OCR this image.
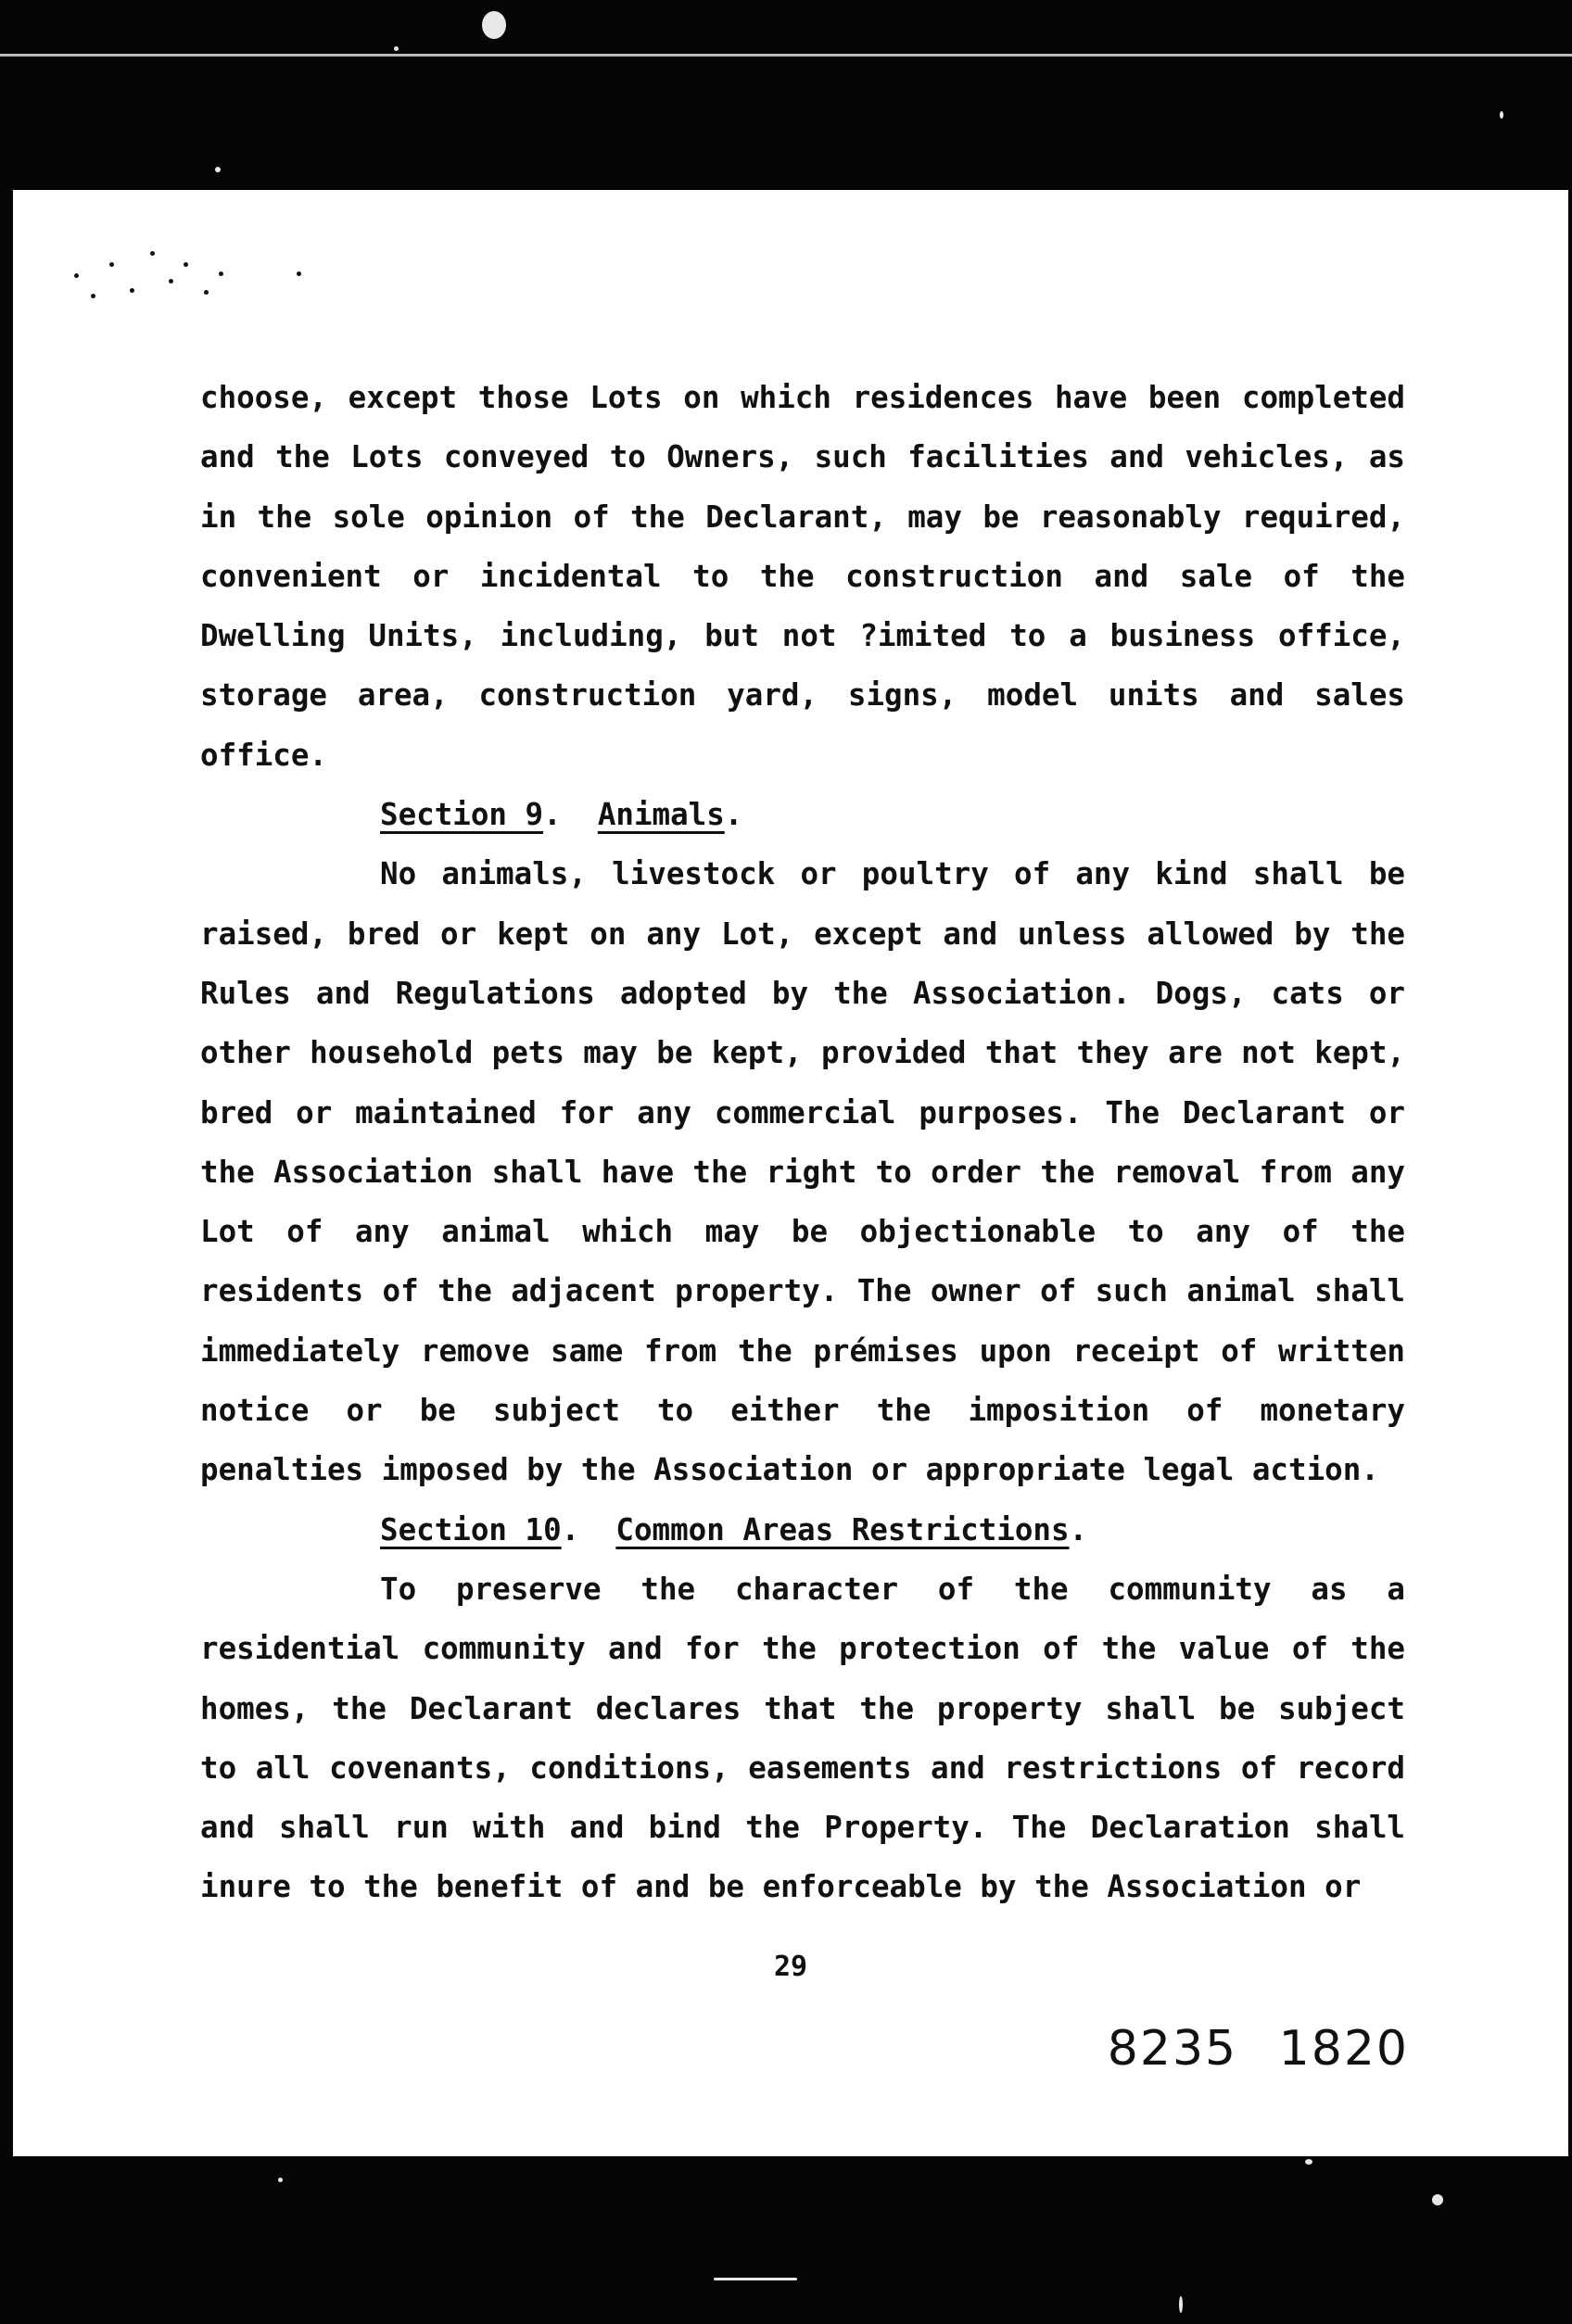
choose, except those Lots on which residences have been completed and the Lots conveyed to Owners, such facilities and vehicles, as in the sole opinion of the Declarant, may be reasonably required, convenient or incidental to the construction and sale of the Dwelling Units, including, but not ?imited to a business office, storage area, construction yard, signs, model units and sales office.

Section 9.  Animals.

No animals, livestock or poultry of any kind shall be raised, bred or kept on any Lot, except and unless allowed by the Rules and Regulations adopted by the Association. Dogs, cats or other household pets may be kept, provided that they are not kept, bred or maintained for any commercial purposes. The Declarant or the Association shall have the right to order the removal from any Lot of any animal which may be objectionable to any of the residents of the adjacent property. The owner of such animal shall immediately remove same from the prémises upon receipt of written notice or be subject to either the imposition of monetary penalties imposed by the Association or appropriate legal action.

Section 10.  Common Areas Restrictions.

To preserve the character of the community as a residential community and for the protection of the value of the homes, the Declarant declares that the property shall be subject to all covenants, conditions, easements and restrictions of record and shall run with and bind the Property. The Declaration shall inure to the benefit of and be enforceable by the Association or

29
8235 1820
